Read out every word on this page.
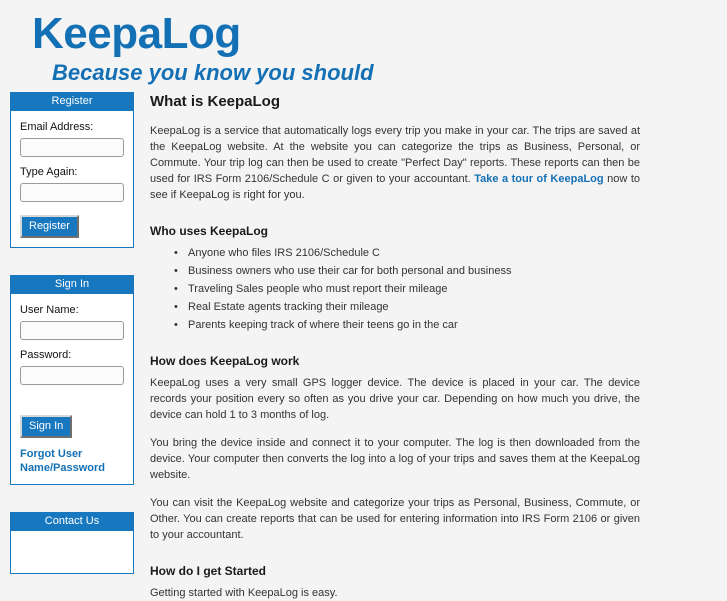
KeepaLog
Because you know you should
Register
Email Address:
Type Again:
Register
Sign In
User Name:
Password:
Sign In
Forgot User Name/Password
Contact Us
What is KeepaLog

KeepaLog is a service that automatically logs every trip you make in your car. The trips are saved at the KeepaLog website. At the website you can categorize the trips as Business, Personal, or Commute. Your trip log can then be used to create "Perfect Day" reports. These reports can then be used for IRS Form 2106/Schedule C or given to your accountant. Take a tour of KeepaLog now to see if KeepaLog is right for you.

Who uses KeepaLog
• Anyone who files IRS 2106/Schedule C
• Business owners who use their car for both personal and business
• Traveling Sales people who must report their mileage
• Real Estate agents tracking their mileage
• Parents keeping track of where their teens go in the car
How does KeepaLog work

KeepaLog uses a very small GPS logger device. The device is placed in your car. The device records your position every so often as you drive your car. Depending on how much you drive, the device can hold 1 to 3 months of log.

You bring the device inside and connect it to your computer. The log is then downloaded from the device. Your computer then converts the log into a log of your trips and saves them at the KeepaLog website.

You can visit the KeepaLog website and categorize your trips as Personal, Business, Commute, or Other. You can create reports that can be used for entering information into IRS Form 2106 or given to your accountant.

How do I get Started

Getting started with KeepaLog is easy.
